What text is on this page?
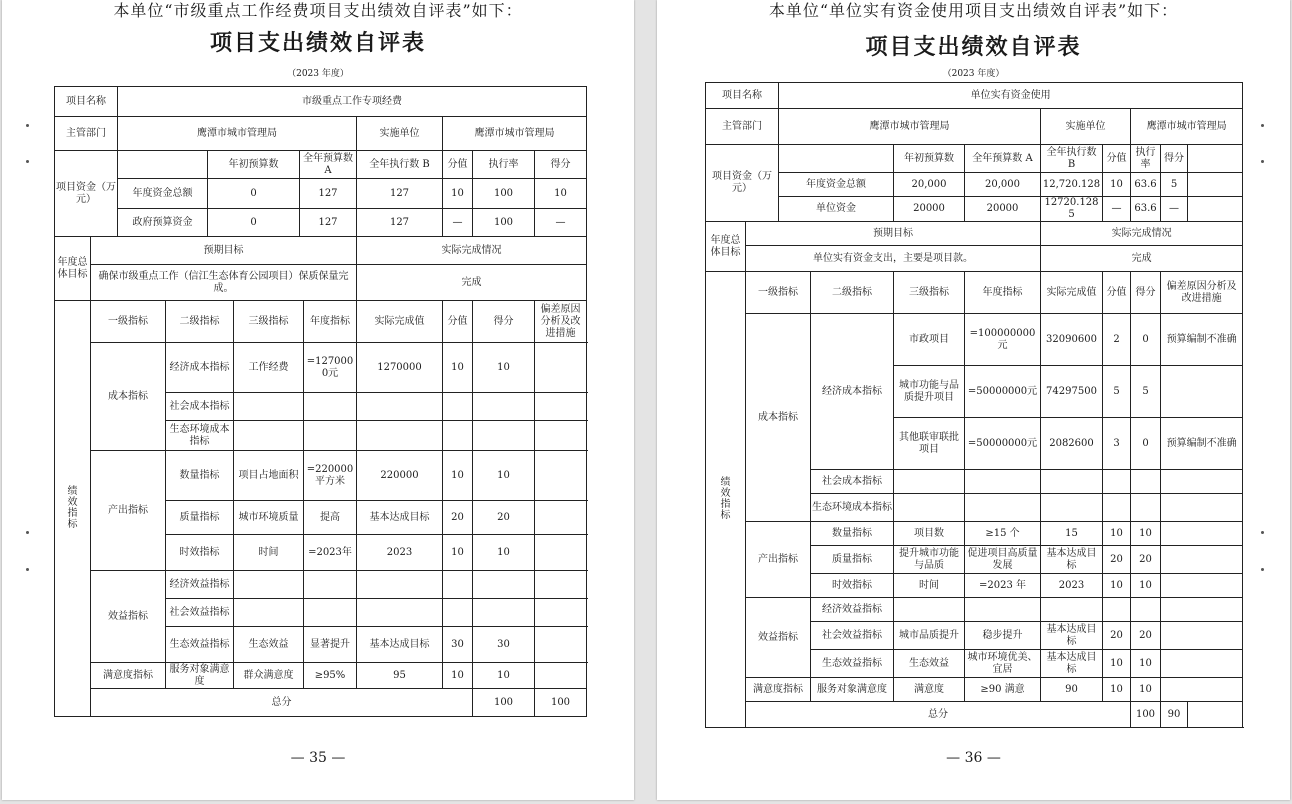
本单位“市级重点工作经费项目支出绩效自评表”如下：
项目支出绩效自评表
（2023 年度）
项目名称		市级重点工作专项经费										
主管部门		鹰潭市城市管理局						实施单位	鹰潭市城市管理局			
项目资金（万元）				年初预算数		全年预算数 A		全年执行数 B	分值	执行率	得分	
		年度资金总额		0		127		127	10	100	10	
		政府预算资金		0		127		127	—	100	—	
年度总体目标	预期目标							实际完成情况				
	确保市级重点工作（信江生态体育公园项目）保质保量完成。							完成				
绩效指标	一级指标		二级指标		三级指标		年度指标	实际完成值	分值	得分	偏差原因分析及改进措施	
	成本指标		经济成本指标		工作经费		=1270000元	1270000	10	10		
			社会成本指标									
			生态环境成本指标									
	产出指标		数量指标		项目占地面积		=220000平方米	220000	10	10		
			质量指标		城市环境质量		提高	基本达成目标	20	20		
			时效指标		时间		=2023年	2023	10	10		
	效益指标		经济效益指标									
			社会效益指标									
			生态效益指标		生态效益		显著提升	基本达成目标	30	30		
	满意度指标		服务对象满意度		群众满意度		≥95%	95	10	10		
	总分									100	100	
— 35 —
本单位“单位实有资金使用项目支出绩效自评表”如下：
项目支出绩效自评表
（2023 年度）
项目名称		单位实有资金使用								
主管部门		鹰潭市城市管理局				实施单位		鹰潭市城市管理局		
项目资金（万元）				年初预算数	全年预算数 A	全年执行数 B	分值	执行率	得分	
		年度资金总额		20,000	20,000	12,720.128	10	63.6	5	
		单位资金		20000	20000	12720.1285	—	63.6	—	
年度总体目标	预期目标					实际完成情况				
	单位实有资金支出，主要是项目款。					完成				
绩效指标	一级指标		二级指标	三级指标	年度指标	实际完成值	分值	得分	偏差原因分析及改进措施	
	成本指标		经济成本指标	市政项目	=100000000元	32090600	2	0	预算编制不准确	
				城市功能与品质提升项目	=50000000元	74297500	5	5		
				其他联审联批项目	=50000000元	2082600	3	0	预算编制不准确	
			社会成本指标							
			生态环境成本指标							
	产出指标		数量指标	项目数	≥15 个	15	10	10		
			质量指标	提升城市功能与品质	促进项目高质量发展	基本达成目标	20	20		
			时效指标	时间	=2023 年	2023	10	10		
	效益指标		经济效益指标							
			社会效益指标	城市品质提升	稳步提升	基本达成目标	20	20		
			生态效益指标	生态效益	城市环境优美、宜居	基本达成目标	10	10		
	满意度指标		服务对象满意度	满意度	≥90 满意	90	10	10		
	总分							100	90	
— 36 —
